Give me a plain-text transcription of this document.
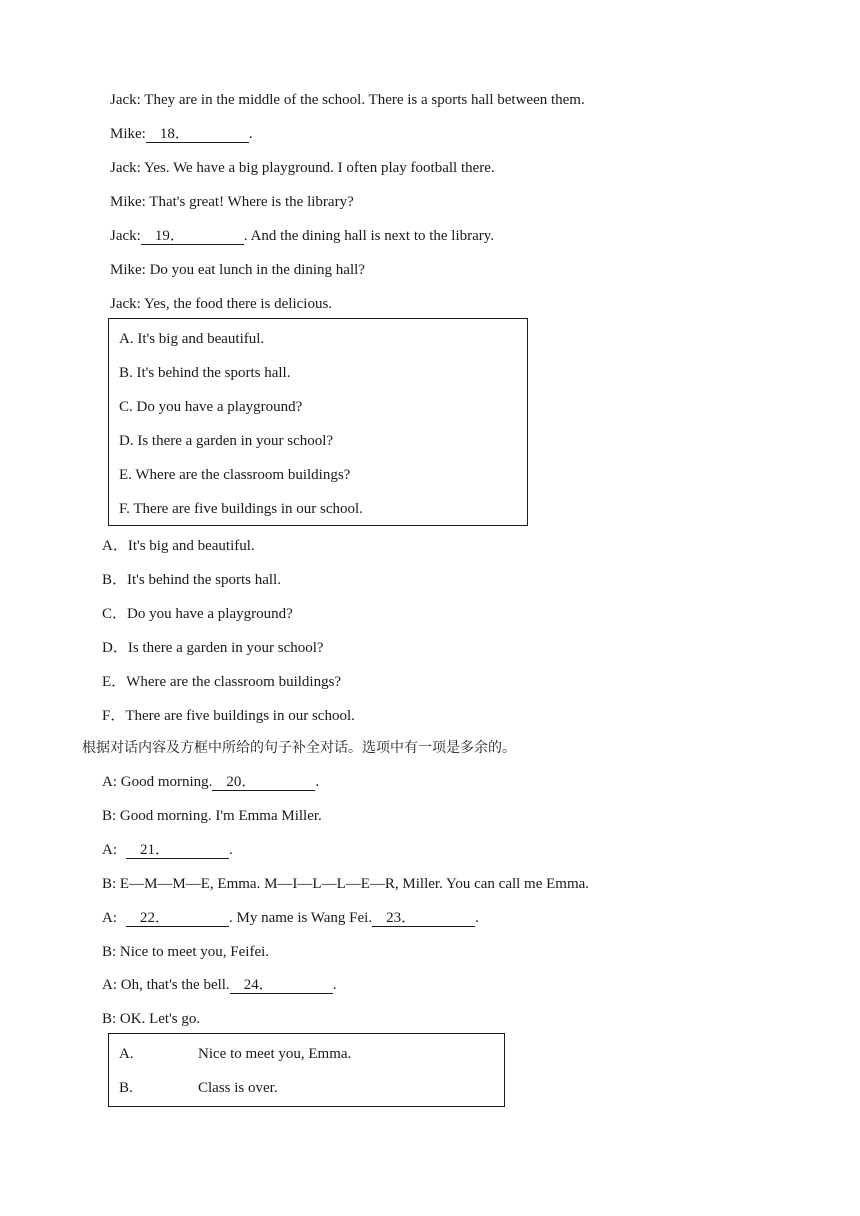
Jack: They are in the middle of the school. There is a sports hall between them.
Mike: 18．	.
Jack: Yes. We have a big playground. I often play football there.
Mike: That's great! Where is the library?
Jack: 19．	. And the dining hall is next to the library.
Mike: Do you eat lunch in the dining hall?
Jack: Yes, the food there is delicious.
A. It's big and beautiful.
B. It's behind the sports hall.
C. Do you have a playground?
D. Is there a garden in your school?
E. Where are the classroom buildings?
F. There are five buildings in our school.
A．It's big and beautiful.
B．It's behind the sports hall.
C．Do you have a playground?
D．Is there a garden in your school?
E．Where are the classroom buildings?
F．There are five buildings in our school.
根据对话内容及方框中所给的句子补全对话。选项中有一项是多余的。
A: Good morning. 20．	.
B: Good morning. I'm Emma Miller.
A:21．	.
B: E—M—M—E, Emma. M—I—L—L—E—R, Miller. You can call me Emma.
A:22．	. My name is Wang Fei. 23．	.
B: Nice to meet you, Feifei.
A: Oh, that's the bell. 24．	.
B: OK. Let's go.
A.	Nice to meet you, Emma.
B.	Class is over.
